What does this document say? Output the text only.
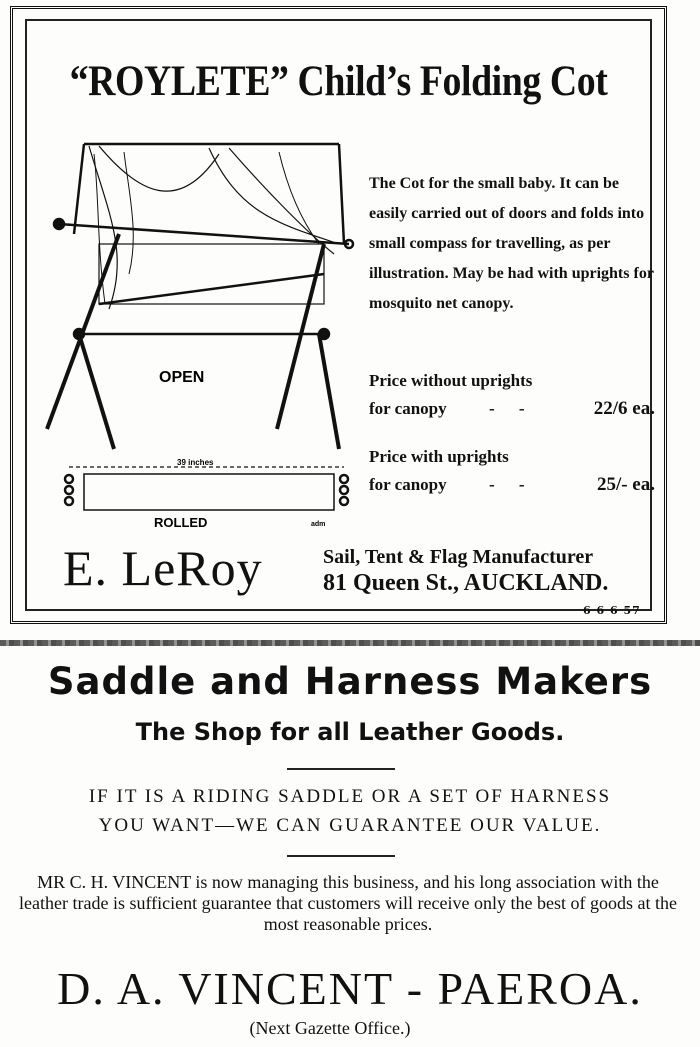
“ROYLETE” Child’s Folding Cot
OPEN
39 inches
ROLLED	adm
The Cot for the small baby. It can be easily carried out of doors and folds into small compass for travelling, as per illustration. May be had with uprights for mosquito net canopy.
Price without uprights
for canopy - -	22/6 ea.
Price with uprights
for canopy - -	25/- ea.
E. LeRoy	Sail, Tent & Flag Manufacturer
81 Queen St., AUCKLAND.
6 6 6 57
Saddle and Harness Makers
The Shop for all Leather Goods.
IF IT IS A RIDING SADDLE OR A SET OF HARNESS
YOU WANT—WE CAN GUARANTEE OUR VALUE.
MR C. H. VINCENT is now managing this business, and his long association with the leather trade is sufficient guarantee that customers will receive only the best of goods at the most reasonable prices.
D. A. VINCENT - PAEROA.
(Next Gazette Office.)
